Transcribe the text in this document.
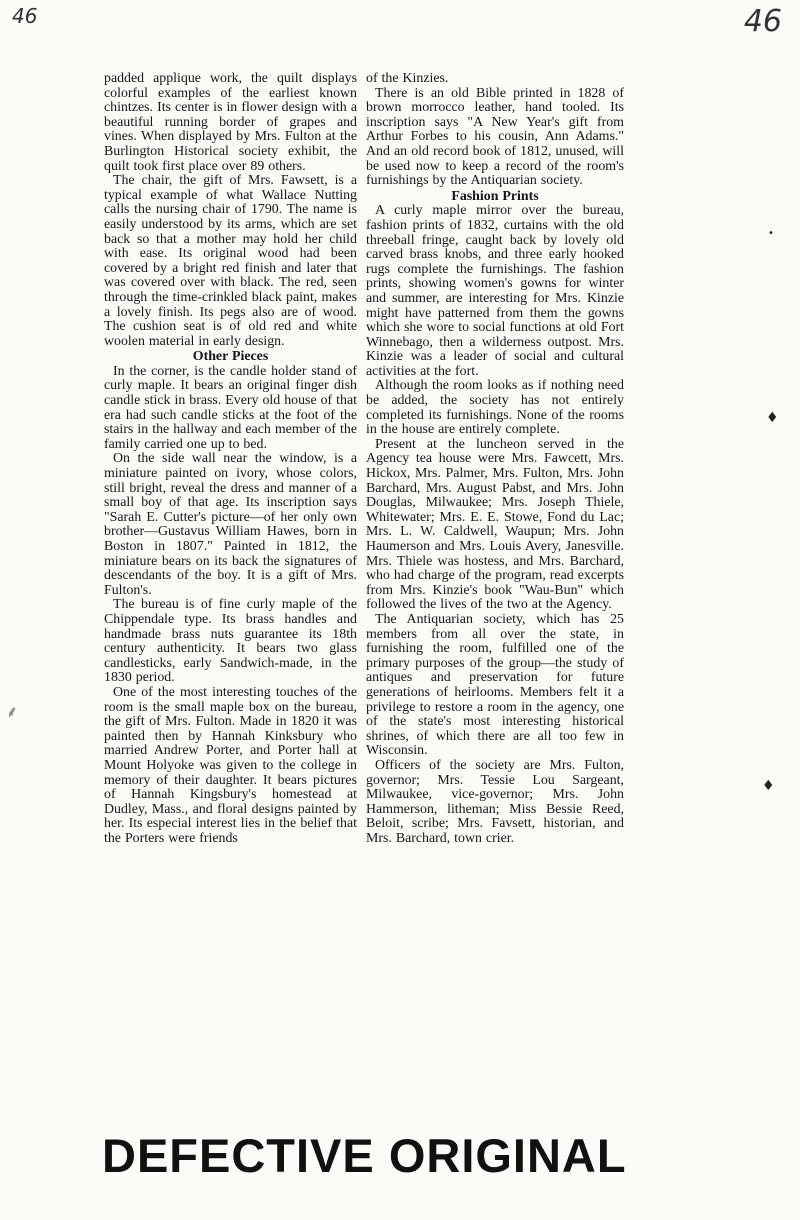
46	46

padded applique work, the quilt displays colorful examples of the earliest known chintzes. Its center is in flower design with a beautiful running border of grapes and vines. When displayed by Mrs. Fulton at the Burlington Historical society exhibit, the quilt took first place over 89 others.

The chair, the gift of Mrs. Fawsett, is a typical example of what Wallace Nutting calls the nursing chair of 1790. The name is easily understood by its arms, which are set back so that a mother may hold her child with ease. Its original wood had been covered by a bright red finish and later that was covered over with black. The red, seen through the time-crinkled black paint, makes a lovely finish. Its pegs also are of wood. The cushion seat is of old red and white woolen material in early design.

Other Pieces

In the corner, is the candle holder stand of curly maple. It bears an original finger dish candle stick in brass. Every old house of that era had such candle sticks at the foot of the stairs in the hallway and each member of the family carried one up to bed.

On the side wall near the window, is a miniature painted on ivory, whose colors, still bright, reveal the dress and manner of a small boy of that age. Its inscription says "Sarah E. Cutter's picture—of her only own brother—Gustavus William Hawes, born in Boston in 1807." Painted in 1812, the miniature bears on its back the signatures of descendants of the boy. It is a gift of Mrs. Fulton's.

The bureau is of fine curly maple of the Chippendale type. Its brass handles and handmade brass nuts guarantee its 18th century authenticity. It bears two glass candlesticks, early Sandwich-made, in the 1830 period.

One of the most interesting touches of the room is the small maple box on the bureau, the gift of Mrs. Fulton. Made in 1820 it was painted then by Hannah Kinksbury who married Andrew Porter, and Porter hall at Mount Holyoke was given to the college in memory of their daughter. It bears pictures of Hannah Kingsbury's homestead at Dudley, Mass., and floral designs painted by her. Its especial interest lies in the belief that the Porters were friends

of the Kinzies.

There is an old Bible printed in 1828 of brown morrocco leather, hand tooled. Its inscription says "A New Year's gift from Arthur Forbes to his cousin, Ann Adams." And an old record book of 1812, unused, will be used now to keep a record of the room's furnishings by the Antiquarian society.

Fashion Prints

A curly maple mirror over the bureau, fashion prints of 1832, curtains with the old threeball fringe, caught back by lovely old carved brass knobs, and three early hooked rugs complete the furnishings. The fashion prints, showing women's gowns for winter and summer, are interesting for Mrs. Kinzie might have patterned from them the gowns which she wore to social functions at old Fort Winnebago, then a wilderness outpost. Mrs. Kinzie was a leader of social and cultural activities at the fort.

Although the room looks as if nothing need be added, the society has not entirely completed its furnishings. None of the rooms in the house are entirely complete.

Present at the luncheon served in the Agency tea house were Mrs. Fawcett, Mrs. Hickox, Mrs. Palmer, Mrs. Fulton, Mrs. John Barchard, Mrs. August Pabst, and Mrs. John Douglas, Milwaukee; Mrs. Joseph Thiele, Whitewater; Mrs. E. E. Stowe, Fond du Lac; Mrs. L. W. Caldwell, Waupun; Mrs. John Haumerson and Mrs. Louis Avery, Janesville. Mrs. Thiele was hostess, and Mrs. Barchard, who had charge of the program, read excerpts from Mrs. Kinzie's book "Wau-Bun" which followed the lives of the two at the Agency.

The Antiquarian society, which has 25 members from all over the state, in furnishing the room, fulfilled one of the primary purposes of the group—the study of antiques and preservation for future generations of heirlooms. Members felt it a privilege to restore a room in the agency, one of the state's most interesting historical shrines, of which there are all too few in Wisconsin.

Officers of the society are Mrs. Fulton, governor; Mrs. Tessie Lou Sargeant, Milwaukee, vice-governor; Mrs. John Hammerson, litheman; Miss Bessie Reed, Beloit, scribe; Mrs. Favsett, historian, and Mrs. Barchard, town crier.

•
♦
♦
⸙
DEFECTIVE ORIGINAL
